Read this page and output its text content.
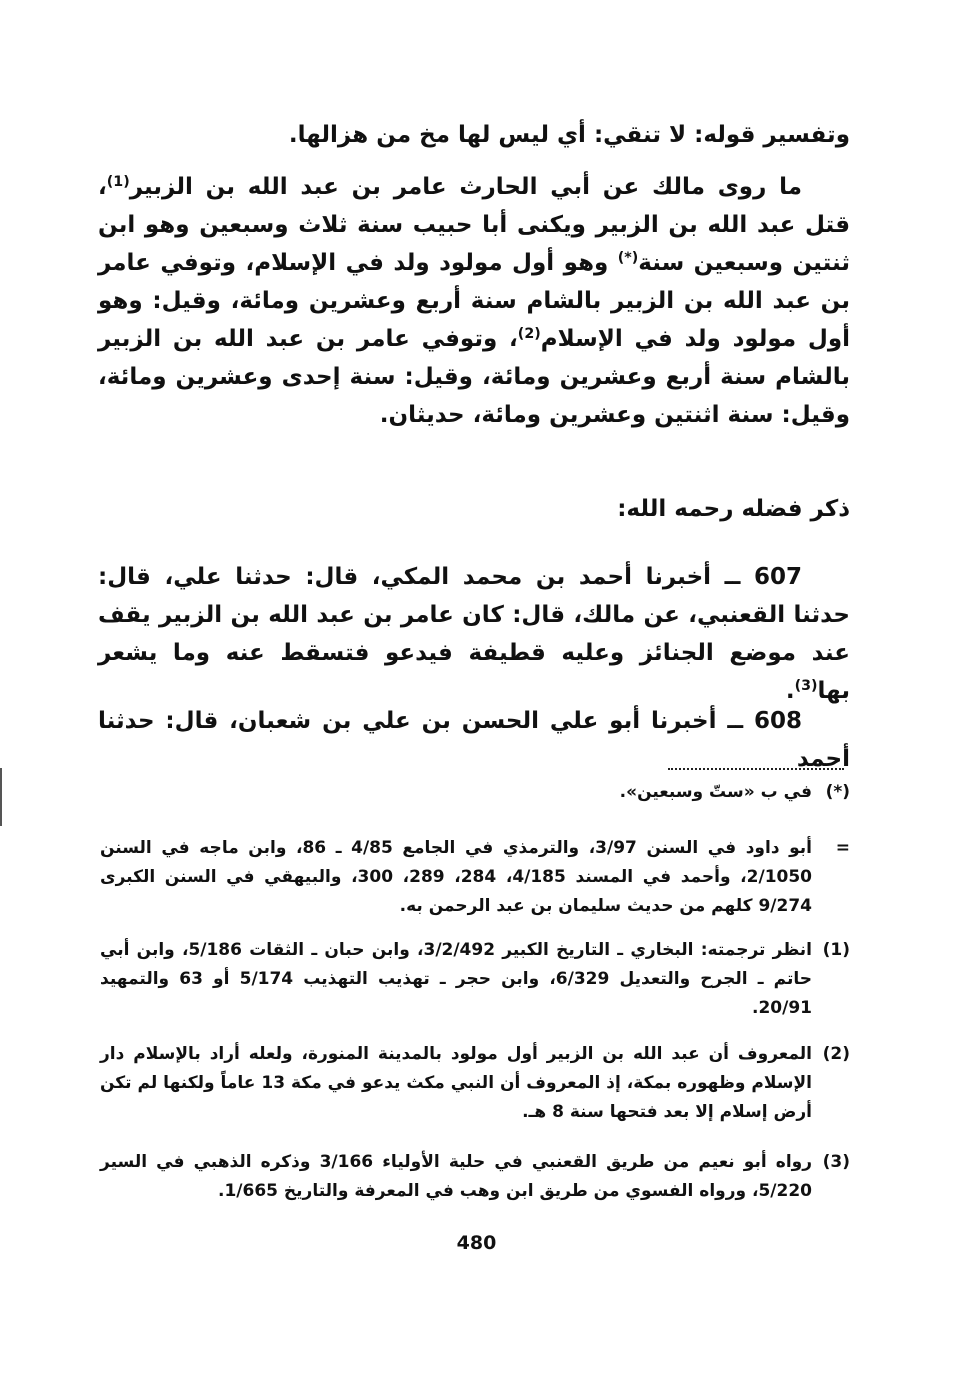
وتفسير قوله: لا تنقي: أي ليس لها مخ من هزالها.
ما روى مالك عن أبي الحارث عامر بن عبد الله بن الزبير$^{(1)}$، قتل عبد الله بن الزبير ويكنى أبا حبيب سنة ثلاث وسبعين وهو ابن ثنتين وسبعين سنة(*) وهو أول مولود ولد في الإسلام، وتوفي عامر بن عبد الله بن الزبير بالشام سنة أربع وعشرين ومائة، وقيل: وهو أول مولود ولد في الإسلام$^{(2)}$، وتوفي عامر بن عبد الله بن الزبير بالشام سنة أربع وعشرين ومائة، وقيل: سنة إحدى وعشرين ومائة، وقيل: سنة اثنتين وعشرين ومائة، حديثان.
ذكر فضله رحمه الله:
607 ــ أخبرنا أحمد بن محمد المكي، قال: حدثنا علي، قال: حدثنا القعنبي، عن مالك، قال: كان عامر بن عبد الله بن الزبير يقف عند موضع الجنائز وعليه قطيفة فيدعو فتسقط عنه وما يشعر بها$^{(3)}$.
608 ــ أخبرنا أبو علي الحسن بن علي بن شعبان، قال: حدثنا أحمد
(*)
في ب «ستّ وسبعين».
=
أبو داود في السنن 3/97، والترمذي في الجامع 4/85 ـ 86، وابن ماجه في السنن 2/1050، وأحمد في المسند 4/185، 284، 289، 300، والبيهقي في السنن الكبرى 9/274 كلهم من حديث سليمان بن عبد الرحمن به.
(1)
انظر ترجمته: البخاري ـ التاريخ الكبير 3/2/492، وابن حبان ـ الثقات 5/186، وابن أبي حاتم ـ الجرح والتعديل 6/329، وابن حجر ـ تهذيب التهذيب 5/174 أو 63 والتمهيد 20/91.
(2)
المعروف أن عبد الله بن الزبير أول مولود بالمدينة المنورة، ولعله أراد بالإسلام دار الإسلام وظهوره بمكة، إذ المعروف أن النبي مكث يدعو في مكة 13 عاماً ولكنها لم تكن أرض إسلام إلا بعد فتحها سنة 8 هـ.
(3)
رواه أبو نعيم من طريق القعنبي في حلية الأولياء 3/166 وذكره الذهبي في السير 5/220، ورواه الفسوي من طريق ابن وهب في المعرفة والتاريخ 1/665.
480
